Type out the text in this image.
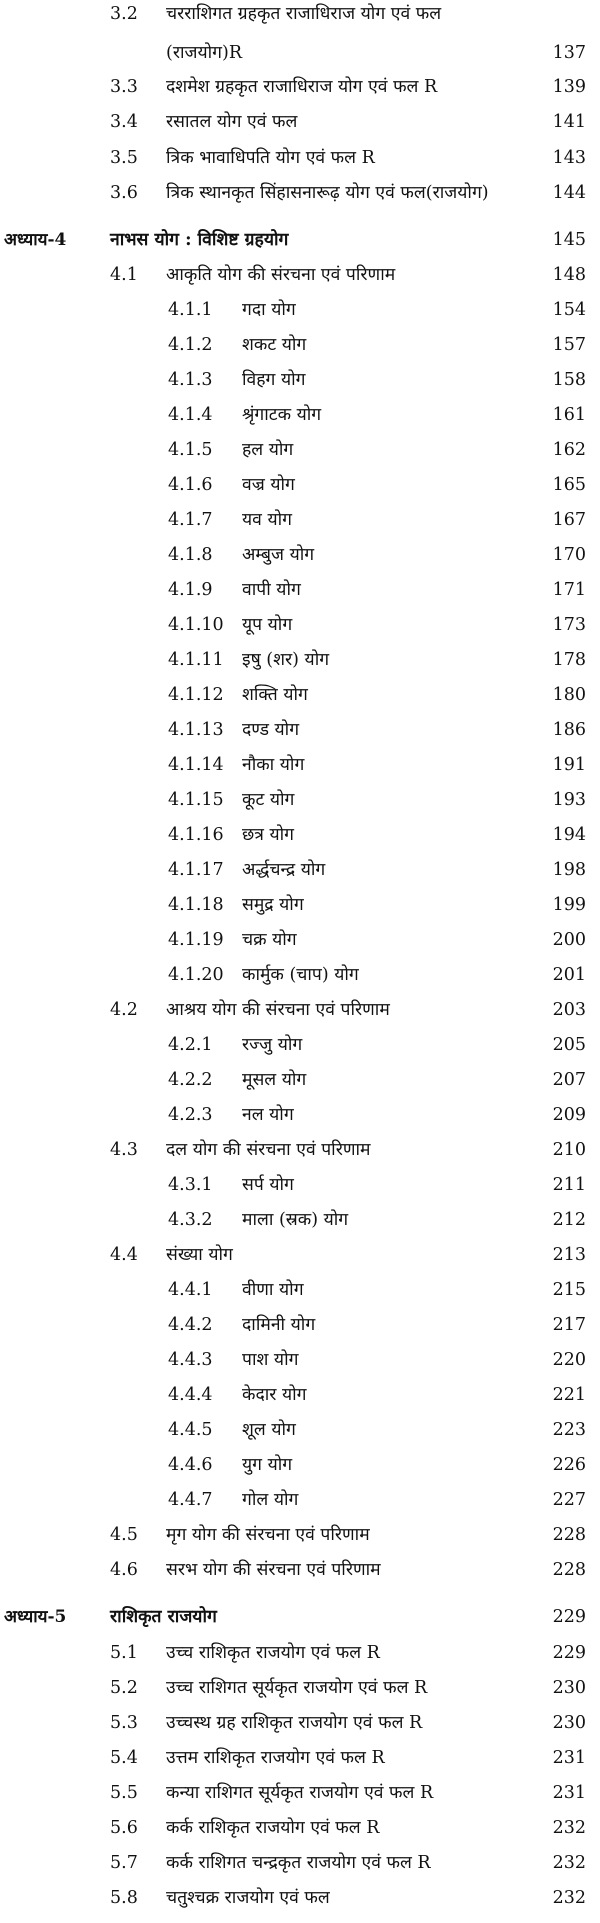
3.2 चरराशिगत ग्रहकृत राजाधिराज योग एवं फल
(राजयोग)R	137
3.3 दशमेश ग्रहकृत राजाधिराज योग एवं फल R	139
3.4 रसातल योग एवं फल	141
3.5 त्रिक भावाधिपति योग एवं फल R	143
3.6 त्रिक स्थानकृत सिंहासनारूढ़ योग एवं फल(राजयोग)	144
अध्याय-4 नाभस योग : विशिष्ट ग्रहयोग	145
4.1 आकृति योग की संरचना एवं परिणाम	148
4.1.1 गदा योग	154
4.1.2 शकट योग	157
4.1.3 विहग योग	158
4.1.4 श्रृंगाटक योग	161
4.1.5 हल योग	162
4.1.6 वज्र योग	165
4.1.7 यव योग	167
4.1.8 अम्बुज योग	170
4.1.9 वापी योग	171
4.1.10 यूप योग	173
4.1.11 इषु (शर) योग	178
4.1.12 शक्ति योग	180
4.1.13 दण्ड योग	186
4.1.14 नौका योग	191
4.1.15 कूट योग	193
4.1.16 छत्र योग	194
4.1.17 अर्द्धचन्द्र योग	198
4.1.18 समुद्र योग	199
4.1.19 चक्र योग	200
4.1.20 कार्मुक (चाप) योग	201
4.2 आश्रय योग की संरचना एवं परिणाम	203
4.2.1 रज्जु योग	205
4.2.2 मूसल योग	207
4.2.3 नल योग	209
4.3 दल योग की संरचना एवं परिणाम	210
4.3.1 सर्प योग	211
4.3.2 माला (स्रक) योग	212
4.4 संख्या योग	213
4.4.1 वीणा योग	215
4.4.2 दामिनी योग	217
4.4.3 पाश योग	220
4.4.4 केदार योग	221
4.4.5 शूल योग	223
4.4.6 युग योग	226
4.4.7 गोल योग	227
4.5 मृग योग की संरचना एवं परिणाम	228
4.6 सरभ योग की संरचना एवं परिणाम	228
अध्याय-5 राशिकृत राजयोग	229
5.1 उच्च राशिकृत राजयोग एवं फल R	229
5.2 उच्च राशिगत सूर्यकृत राजयोग एवं फल R	230
5.3 उच्चस्थ ग्रह राशिकृत राजयोग एवं फल R	230
5.4 उत्तम राशिकृत राजयोग एवं फल R	231
5.5 कन्या राशिगत सूर्यकृत राजयोग एवं फल R	231
5.6 कर्क राशिकृत राजयोग एवं फल R	232
5.7 कर्क राशिगत चन्द्रकृत राजयोग एवं फल R	232
5.8 चतुश्चक्र राजयोग एवं फल	232
